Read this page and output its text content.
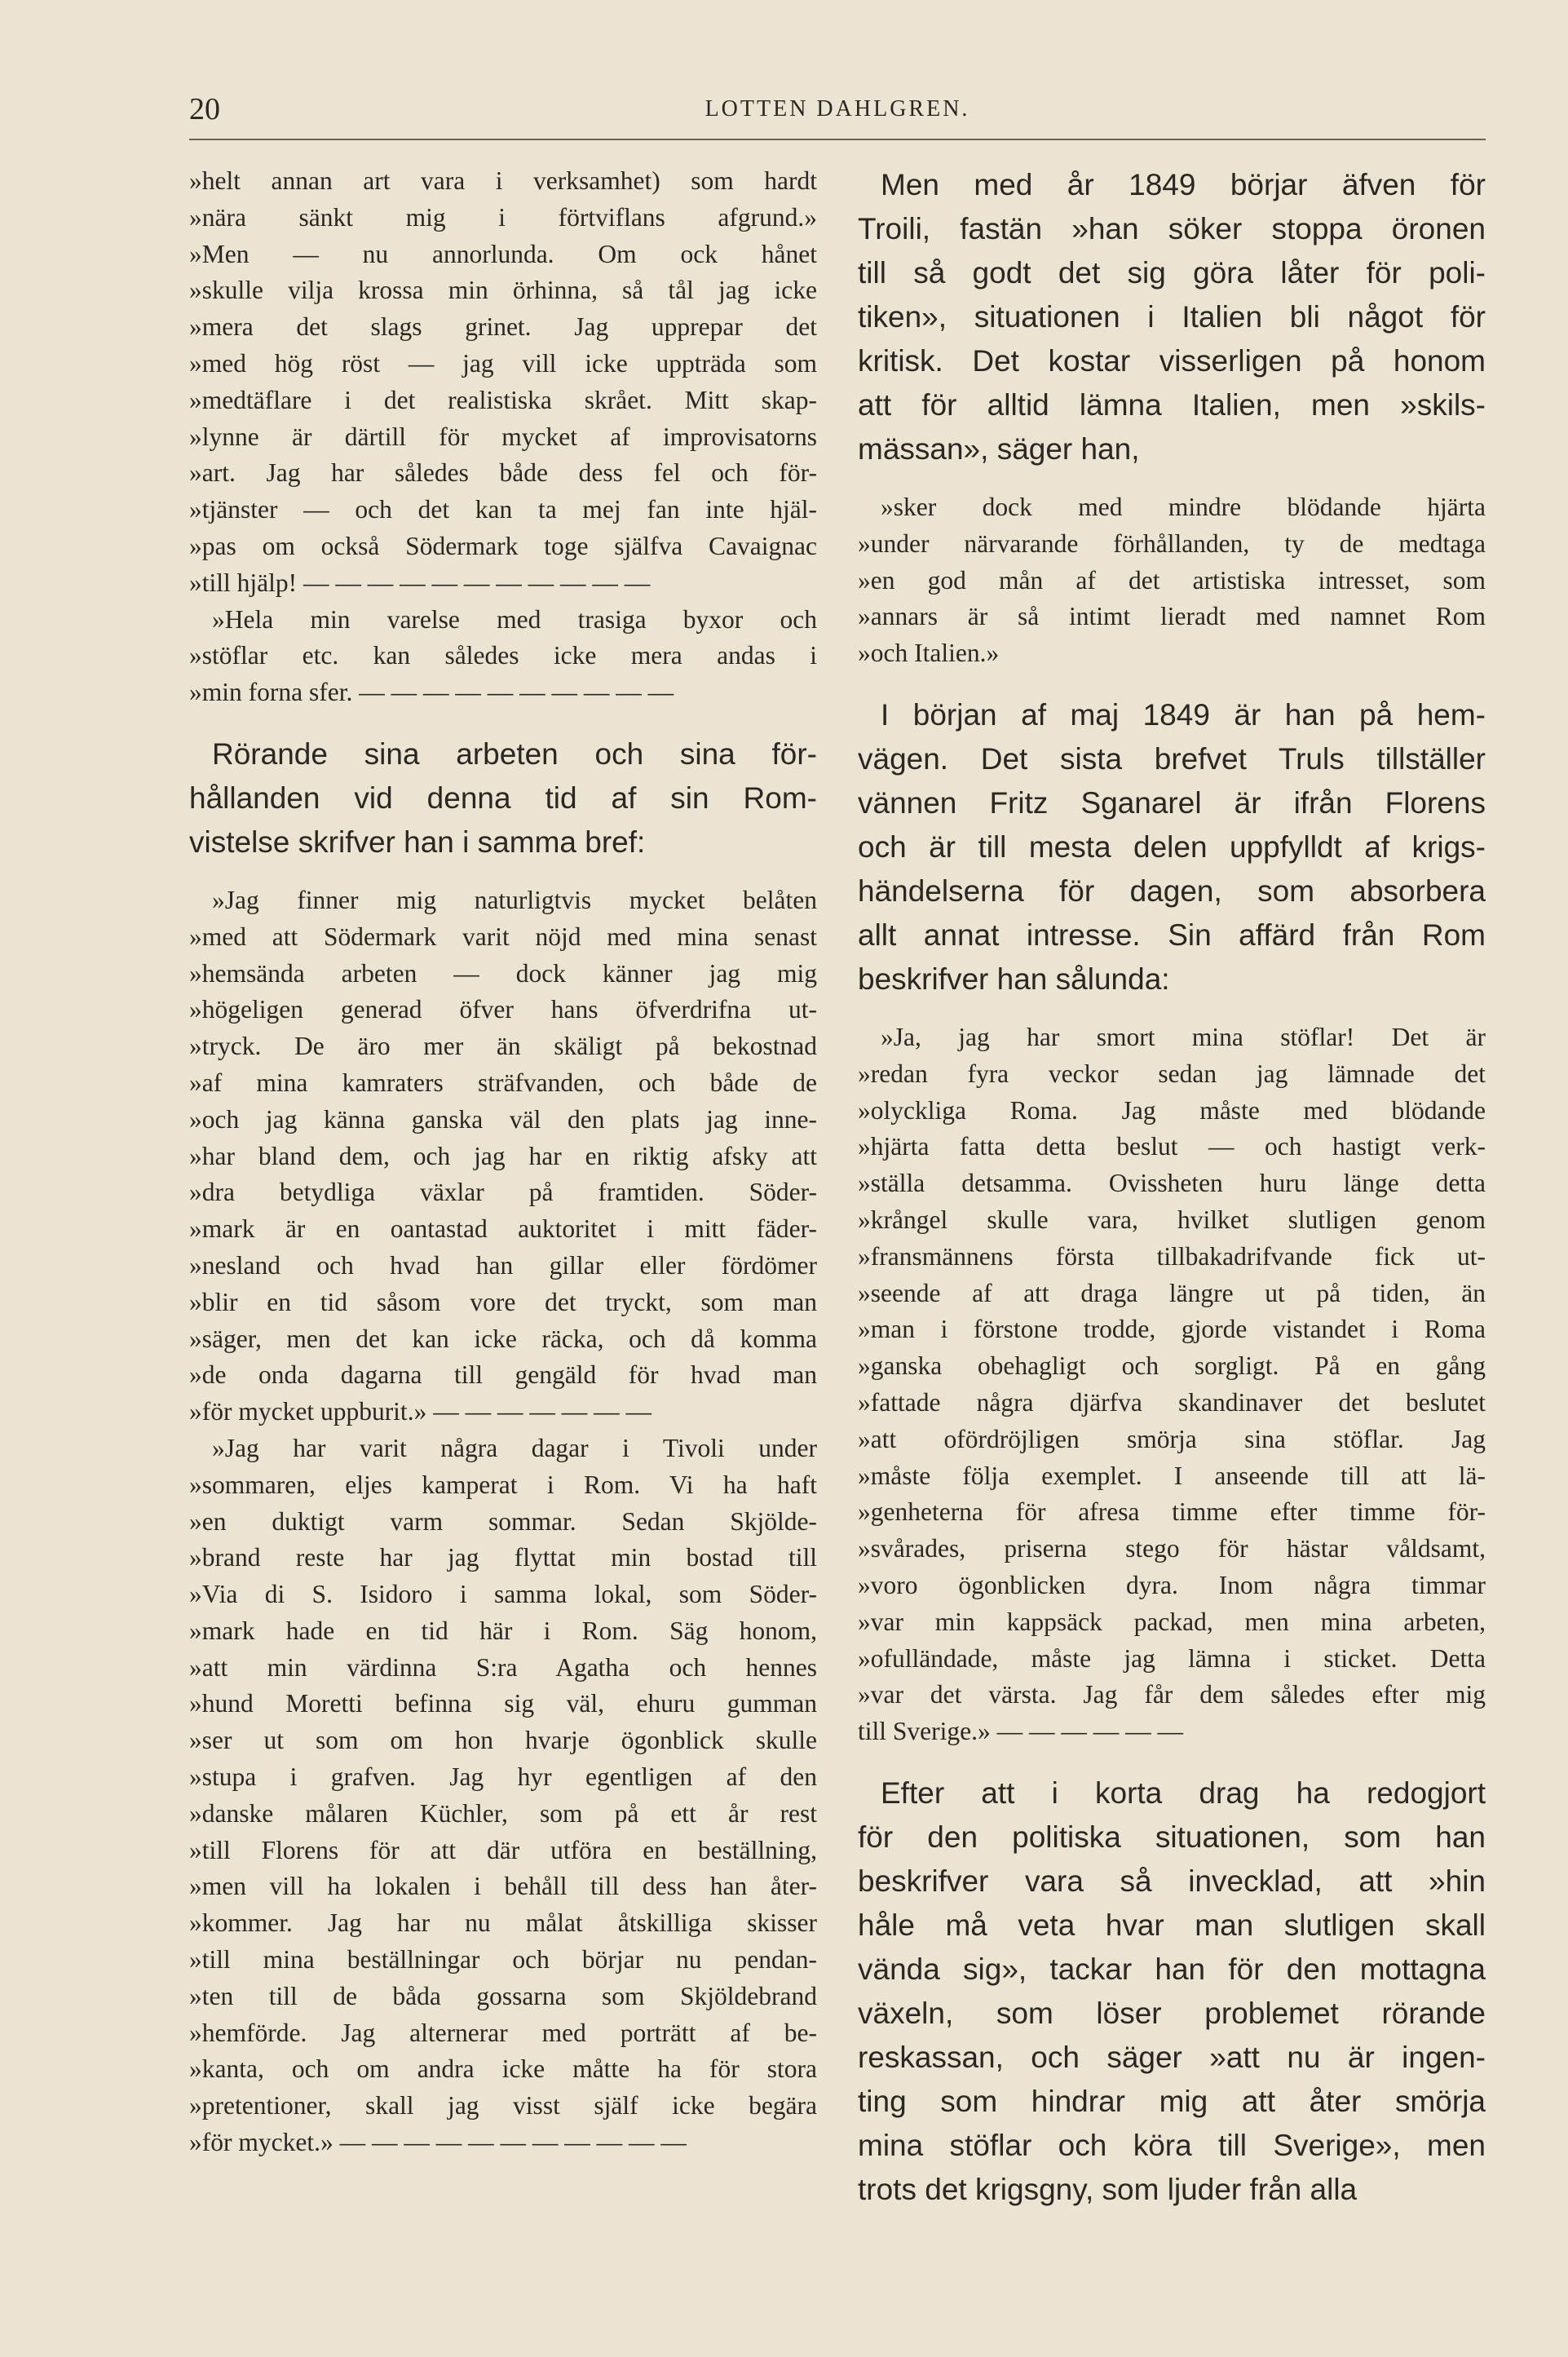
20	LOTTEN DAHLGREN.
»helt annan art vara i verksamhet) som hardt
»nära sänkt mig i förtviflans afgrund.»
»Men — nu annorlunda. Om ock hånet
»skulle vilja krossa min örhinna, så tål jag icke
»mera det slags grinet. Jag upprepar det
»med hög röst — jag vill icke uppträda som
»medtäflare i det realistiska skrået. Mitt skap-
»lynne är därtill för mycket af improvisatorns
»art. Jag har således både dess fel och för-
»tjänster — och det kan ta mej fan inte hjäl-
»pas om också Södermark toge själfva Cavaignac
»till hjälp! — — — — — — — — — — —
»Hela min varelse med trasiga byxor och
»stöflar etc. kan således icke mera andas i
»min forna sfer. — — — — — — — — — —
Rörande sina arbeten och sina för-
hållanden vid denna tid af sin Rom-
vistelse skrifver han i samma bref:
»Jag finner mig naturligtvis mycket belåten
»med att Södermark varit nöjd med mina senast
»hemsända arbeten — dock känner jag mig
»högeligen generad öfver hans öfverdrifna ut-
»tryck. De äro mer än skäligt på bekostnad
»af mina kamraters sträfvanden, och både de
»och jag känna ganska väl den plats jag inne-
»har bland dem, och jag har en riktig afsky att
»dra betydliga växlar på framtiden. Söder-
»mark är en oantastad auktoritet i mitt fäder-
»nesland och hvad han gillar eller fördömer
»blir en tid såsom vore det tryckt, som man
»säger, men det kan icke räcka, och då komma
»de onda dagarna till gengäld för hvad man
»för mycket uppburit.» — — — — — — —
»Jag har varit några dagar i Tivoli under
»sommaren, eljes kamperat i Rom. Vi ha haft
»en duktigt varm sommar. Sedan Skjölde-
»brand reste har jag flyttat min bostad till
»Via di S. Isidoro i samma lokal, som Söder-
»mark hade en tid här i Rom. Säg honom,
»att min värdinna S:ra Agatha och hennes
»hund Moretti befinna sig väl, ehuru gumman
»ser ut som om hon hvarje ögonblick skulle
»stupa i grafven. Jag hyr egentligen af den
»danske målaren Küchler, som på ett år rest
»till Florens för att där utföra en beställning,
»men vill ha lokalen i behåll till dess han åter-
»kommer. Jag har nu målat åtskilliga skisser
»till mina beställningar och börjar nu pendan-
»ten till de båda gossarna som Skjöldebrand
»hemförde. Jag alternerar med porträtt af be-
»kanta, och om andra icke måtte ha för stora
»pretentioner, skall jag visst själf icke begära
»för mycket.» — — — — — — — — — — —
Men med år 1849 börjar äfven för
Troili, fastän »han söker stoppa öronen
till så godt det sig göra låter för poli-
tiken», situationen i Italien bli något för
kritisk. Det kostar visserligen på honom
att för alltid lämna Italien, men »skils-
mässan», säger han,
»sker dock med mindre blödande hjärta
»under närvarande förhållanden, ty de medtaga
»en god mån af det artistiska intresset, som
»annars är så intimt lieradt med namnet Rom
»och Italien.»
I början af maj 1849 är han på hem-
vägen. Det sista brefvet Truls tillställer
vännen Fritz Sganarel är ifrån Florens
och är till mesta delen uppfylldt af krigs-
händelserna för dagen, som absorbera
allt annat intresse. Sin affärd från Rom
beskrifver han sålunda:
»Ja, jag har smort mina stöflar! Det är
»redan fyra veckor sedan jag lämnade det
»olyckliga Roma. Jag måste med blödande
»hjärta fatta detta beslut — och hastigt verk-
»ställa detsamma. Ovissheten huru länge detta
»krångel skulle vara, hvilket slutligen genom
»fransmännens första tillbakadrifvande fick ut-
»seende af att draga längre ut på tiden, än
»man i förstone trodde, gjorde vistandet i Roma
»ganska obehagligt och sorgligt. På en gång
»fattade några djärfva skandinaver det beslutet
»att ofördröjligen smörja sina stöflar. Jag
»måste följa exemplet. I anseende till att lä-
»genheterna för afresa timme efter timme för-
»svårades, priserna stego för hästar våldsamt,
»voro ögonblicken dyra. Inom några timmar
»var min kappsäck packad, men mina arbeten,
»ofulländade, måste jag lämna i sticket. Detta
»var det värsta. Jag får dem således efter mig
till Sverige.» — — — — — —
Efter att i korta drag ha redogjort
för den politiska situationen, som han
beskrifver vara så invecklad, att »hin
håle må veta hvar man slutligen skall
vända sig», tackar han för den mottagna
växeln, som löser problemet rörande
reskassan, och säger »att nu är ingen-
ting som hindrar mig att åter smörja
mina stöflar och köra till Sverige», men
trots det krigsgny, som ljuder från alla
